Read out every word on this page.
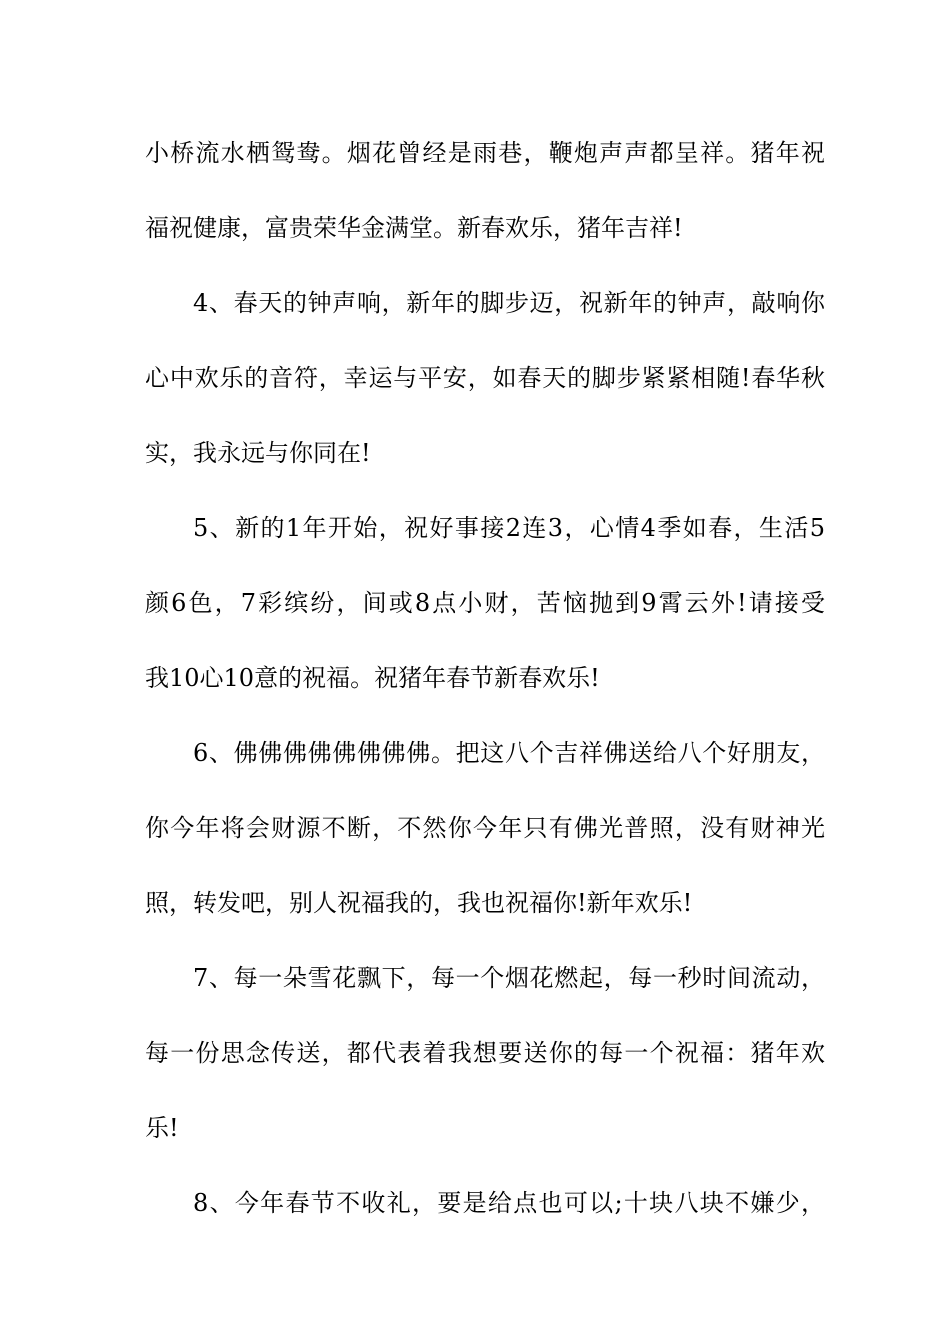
小桥流水栖鸳鸯。烟花曾经是雨巷，鞭炮声声都呈祥。猪年祝
福祝健康，富贵荣华金满堂。新春欢乐，猪年吉祥!
4、春天的钟声响，新年的脚步迈，祝新年的钟声，敲响你
心中欢乐的音符，幸运与平安，如春天的脚步紧紧相随!春华秋
实，我永远与你同在!
5、新的1年开始，祝好事接2连3，心情4季如春，生活5
颜6色，7彩缤纷，间或8点小财，苦恼抛到9霄云外!请接受
我10心10意的祝福。祝猪年春节新春欢乐!
6、佛佛佛佛佛佛佛佛。把这八个吉祥佛送给八个好朋友，
你今年将会财源不断，不然你今年只有佛光普照，没有财神光
照，转发吧，别人祝福我的，我也祝福你!新年欢乐!
7、每一朵雪花飘下，每一个烟花燃起，每一秒时间流动，
每一份思念传送，都代表着我想要送你的每一个祝福：猪年欢
乐!
8、今年春节不收礼，要是给点也可以;十块八块不嫌少，
